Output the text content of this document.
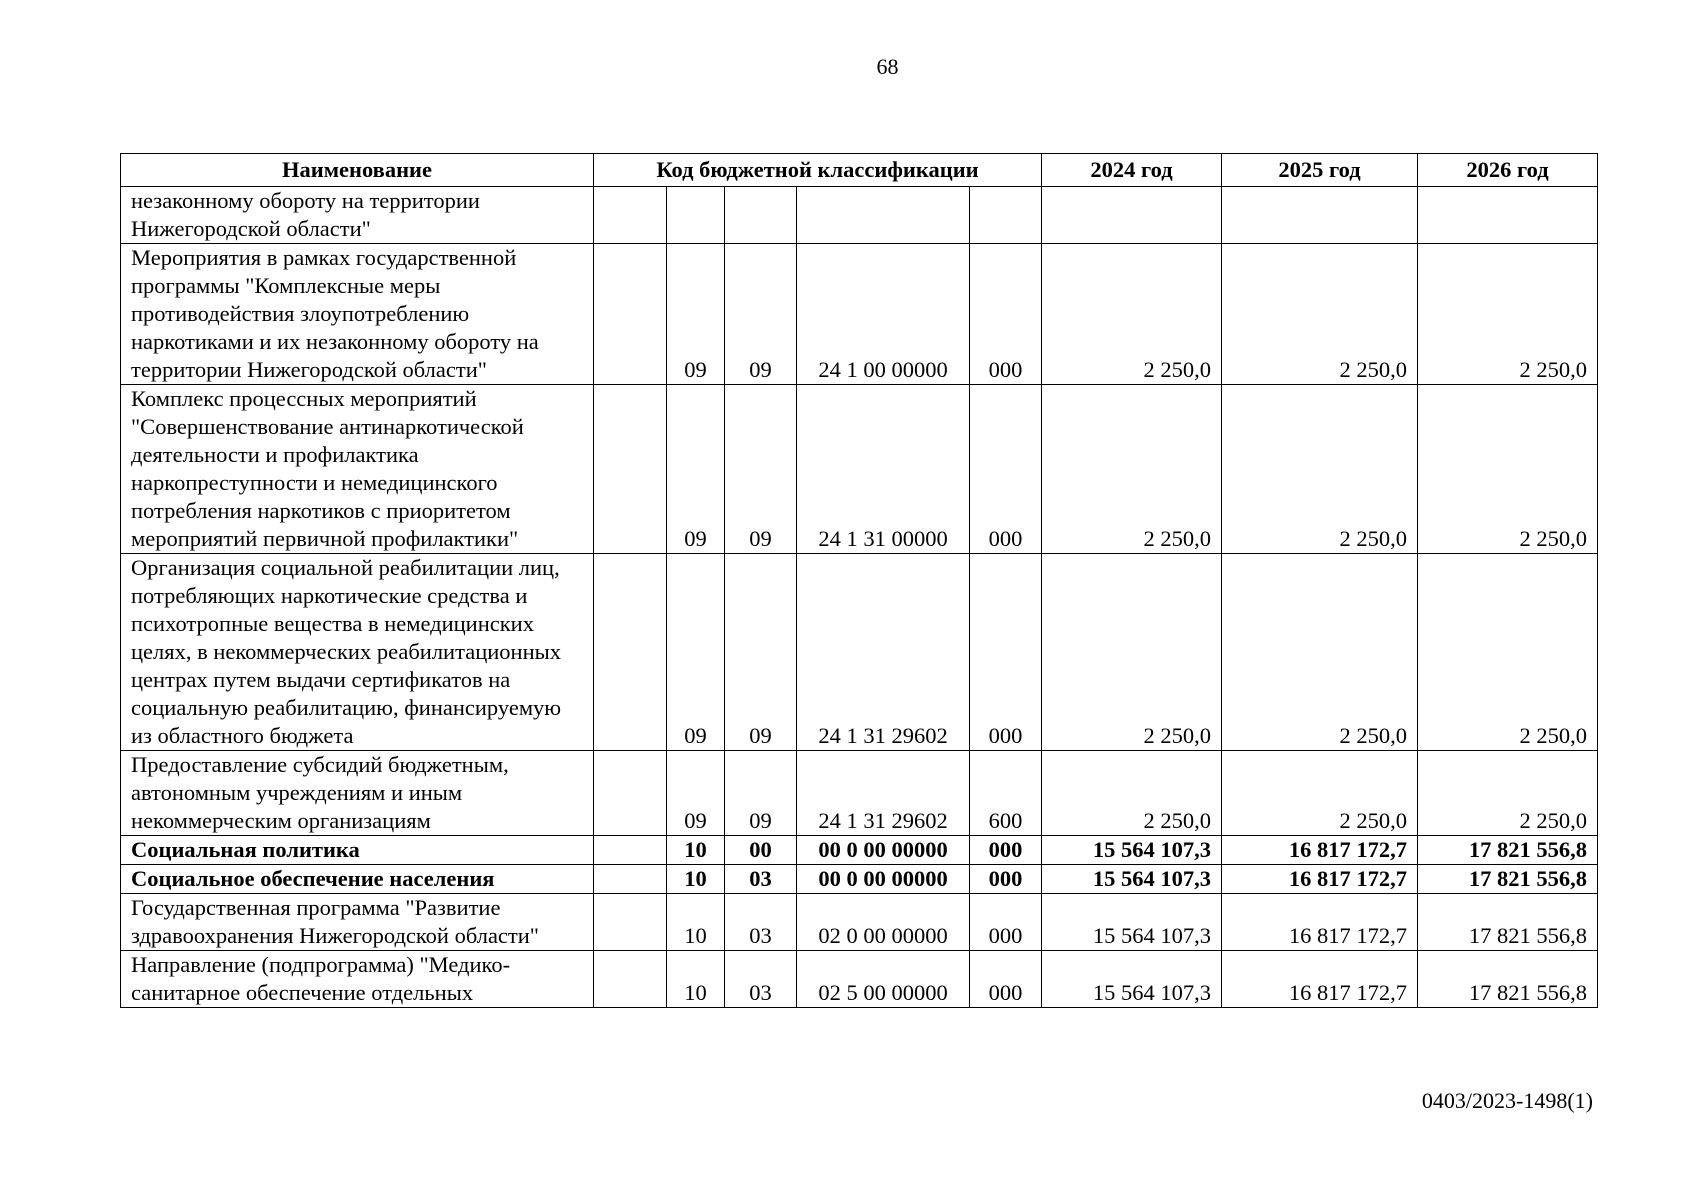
68
Наименование	Код бюджетной классификации					2024 год	2025 год	2026 год
незаконному обороту на территории Нижегородской области"								
Мероприятия в рамках государственной программы "Комплексные меры противодействия злоупотреблению наркотиками и их незаконному обороту на территории Нижегородской области"		09	09	24 1 00 00000	000	2 250,0	2 250,0	2 250,0
Комплекс процессных мероприятий "Совершенствование антинаркотической деятельности и профилактика наркопреступности и немедицинского потребления наркотиков с приоритетом мероприятий первичной профилактики"		09	09	24 1 31 00000	000	2 250,0	2 250,0	2 250,0
Организация социальной реабилитации лиц, потребляющих наркотические средства и психотропные вещества в немедицинских целях, в некоммерческих реабилитационных центрах путем выдачи сертификатов на социальную реабилитацию, финансируемую из областного бюджета		09	09	24 1 31 29602	000	2 250,0	2 250,0	2 250,0
Предоставление субсидий бюджетным, автономным учреждениям и иным некоммерческим организациям		09	09	24 1 31 29602	600	2 250,0	2 250,0	2 250,0
Социальная политика		10	00	00 0 00 00000	000	15 564 107,3	16 817 172,7	17 821 556,8
Социальное обеспечение населения		10	03	00 0 00 00000	000	15 564 107,3	16 817 172,7	17 821 556,8
Государственная программа "Развитие здравоохранения Нижегородской области"		10	03	02 0 00 00000	000	15 564 107,3	16 817 172,7	17 821 556,8
Направление (подпрограмма) "Медико-санитарное обеспечение отдельных		10	03	02 5 00 00000	000	15 564 107,3	16 817 172,7	17 821 556,8
0403/2023-1498(1)
